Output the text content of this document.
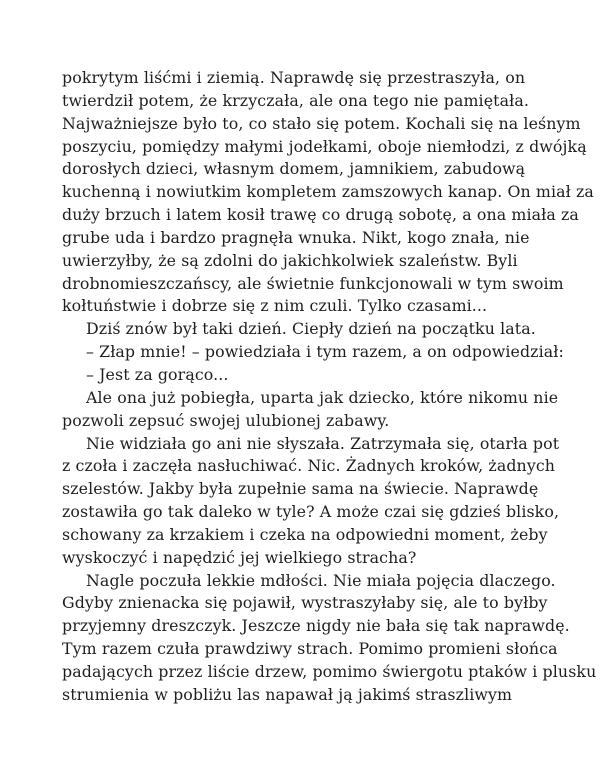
pokrytym liśćmi i ziemią. Naprawdę się przestraszyła, on
twierdził potem, że krzyczała, ale ona tego nie pamiętała.
Najważniejsze było to, co stało się potem. Kochali się na leśnym
poszyciu, pomiędzy małymi jodełkami, oboje niemłodzi, z dwójką
dorosłych dzieci, własnym domem, jamnikiem, zabudową
kuchenną i nowiutkim kompletem zamszowych kanap. On miał za
duży brzuch i latem kosił trawę co drugą sobotę, a ona miała za
grube uda i bardzo pragnęła wnuka. Nikt, kogo znała, nie
uwierzyłby, że są zdolni do jakichkolwiek szaleństw. Byli
drobnomieszczańscy, ale świetnie funkcjonowali w tym swoim
kołtuństwie i dobrze się z nim czuli. Tylko czasami...
Dziś znów był taki dzień. Ciepły dzień na początku lata.
– Złap mnie! – powiedziała i tym razem, a on odpowiedział:
– Jest za gorąco...
Ale ona już pobiegła, uparta jak dziecko, które nikomu nie
pozwoli zepsuć swojej ulubionej zabawy.
Nie widziała go ani nie słyszała. Zatrzymała się, otarła pot
z czoła i zaczęła nasłuchiwać. Nic. Żadnych kroków, żadnych
szelestów. Jakby była zupełnie sama na świecie. Naprawdę
zostawiła go tak daleko w tyle? A może czai się gdzieś blisko,
schowany za krzakiem i czeka na odpowiedni moment, żeby
wyskoczyć i napędzić jej wielkiego stracha?
Nagle poczuła lekkie mdłości. Nie miała pojęcia dlaczego.
Gdyby znienacka się pojawił, wystraszyłaby się, ale to byłby
przyjemny dreszczyk. Jeszcze nigdy nie bała się tak naprawdę.
Tym razem czuła prawdziwy strach. Pomimo promieni słońca
padających przez liście drzew, pomimo świergotu ptaków i plusku
strumienia w pobliżu las napawał ją jakimś straszliwym
